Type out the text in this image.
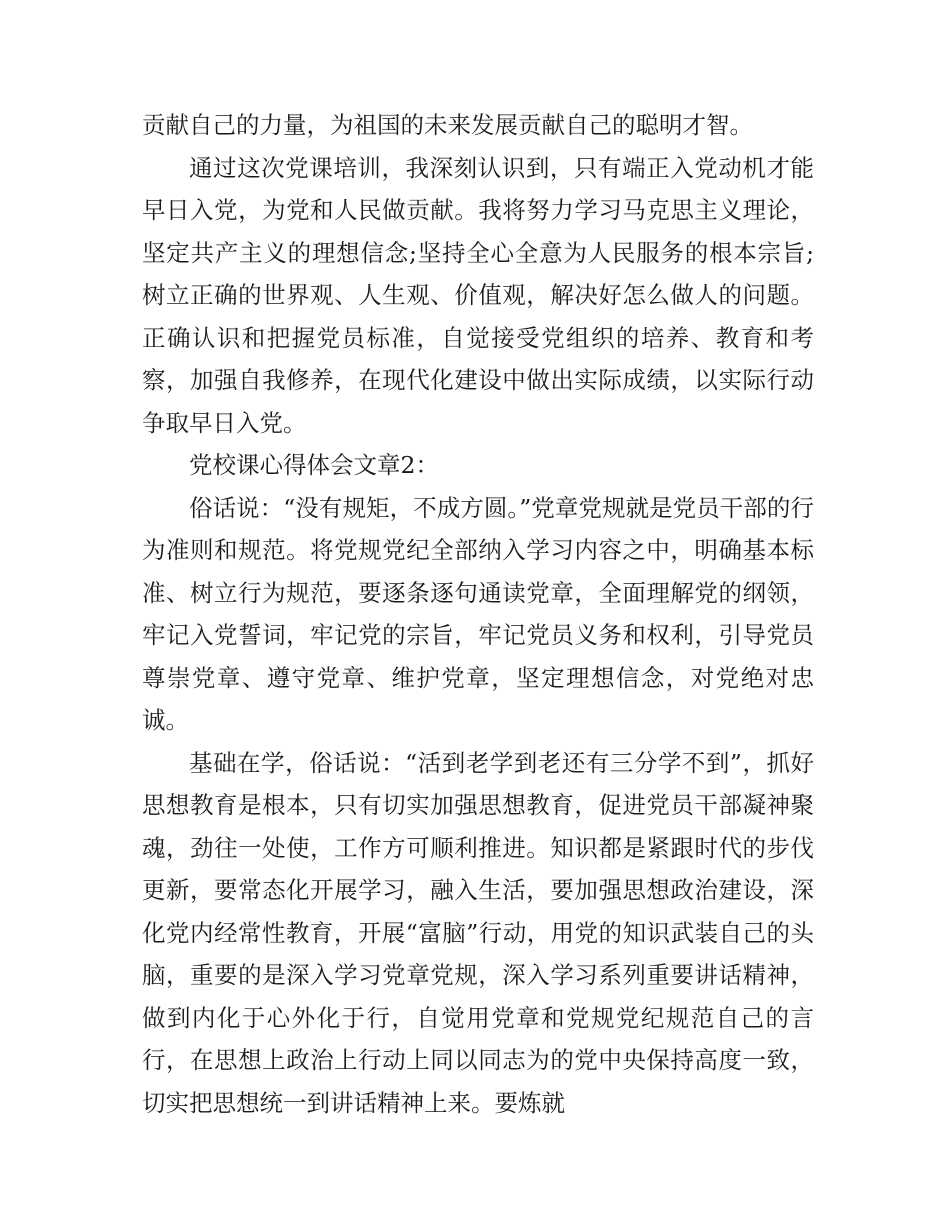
贡献自己的力量，为祖国的未来发展贡献自己的聪明才智。

通过这次党课培训，我深刻认识到，只有端正入党动机才能早日入党，为党和人民做贡献。我将努力学习马克思主义理论，坚定共产主义的理想信念;坚持全心全意为人民服务的根本宗旨;树立正确的世界观、人生观、价值观，解决好怎么做人的问题。正确认识和把握党员标准，自觉接受党组织的培养、教育和考察，加强自我修养，在现代化建设中做出实际成绩，以实际行动争取早日入党。

党校课心得体会文章2：

俗话说：“没有规矩，不成方圆。”党章党规就是党员干部的行为准则和规范。将党规党纪全部纳入学习内容之中，明确基本标准、树立行为规范，要逐条逐句通读党章，全面理解党的纲领，牢记入党誓词，牢记党的宗旨，牢记党员义务和权利，引导党员尊崇党章、遵守党章、维护党章，坚定理想信念，对党绝对忠诚。

基础在学，俗话说：“活到老学到老还有三分学不到”，抓好思想教育是根本，只有切实加强思想教育，促进党员干部凝神聚魂，劲往一处使，工作方可顺利推进。知识都是紧跟时代的步伐更新，要常态化开展学习，融入生活，要加强思想政治建设，深化党内经常性教育，开展“富脑”行动，用党的知识武装自己的头脑，重要的是深入学习党章党规，深入学习系列重要讲话精神，做到内化于心外化于行，自觉用党章和党规党纪规范自己的言行，在思想上政治上行动上同以同志为的党中央保持高度一致，切实把思想统一到讲话精神上来。要炼就
